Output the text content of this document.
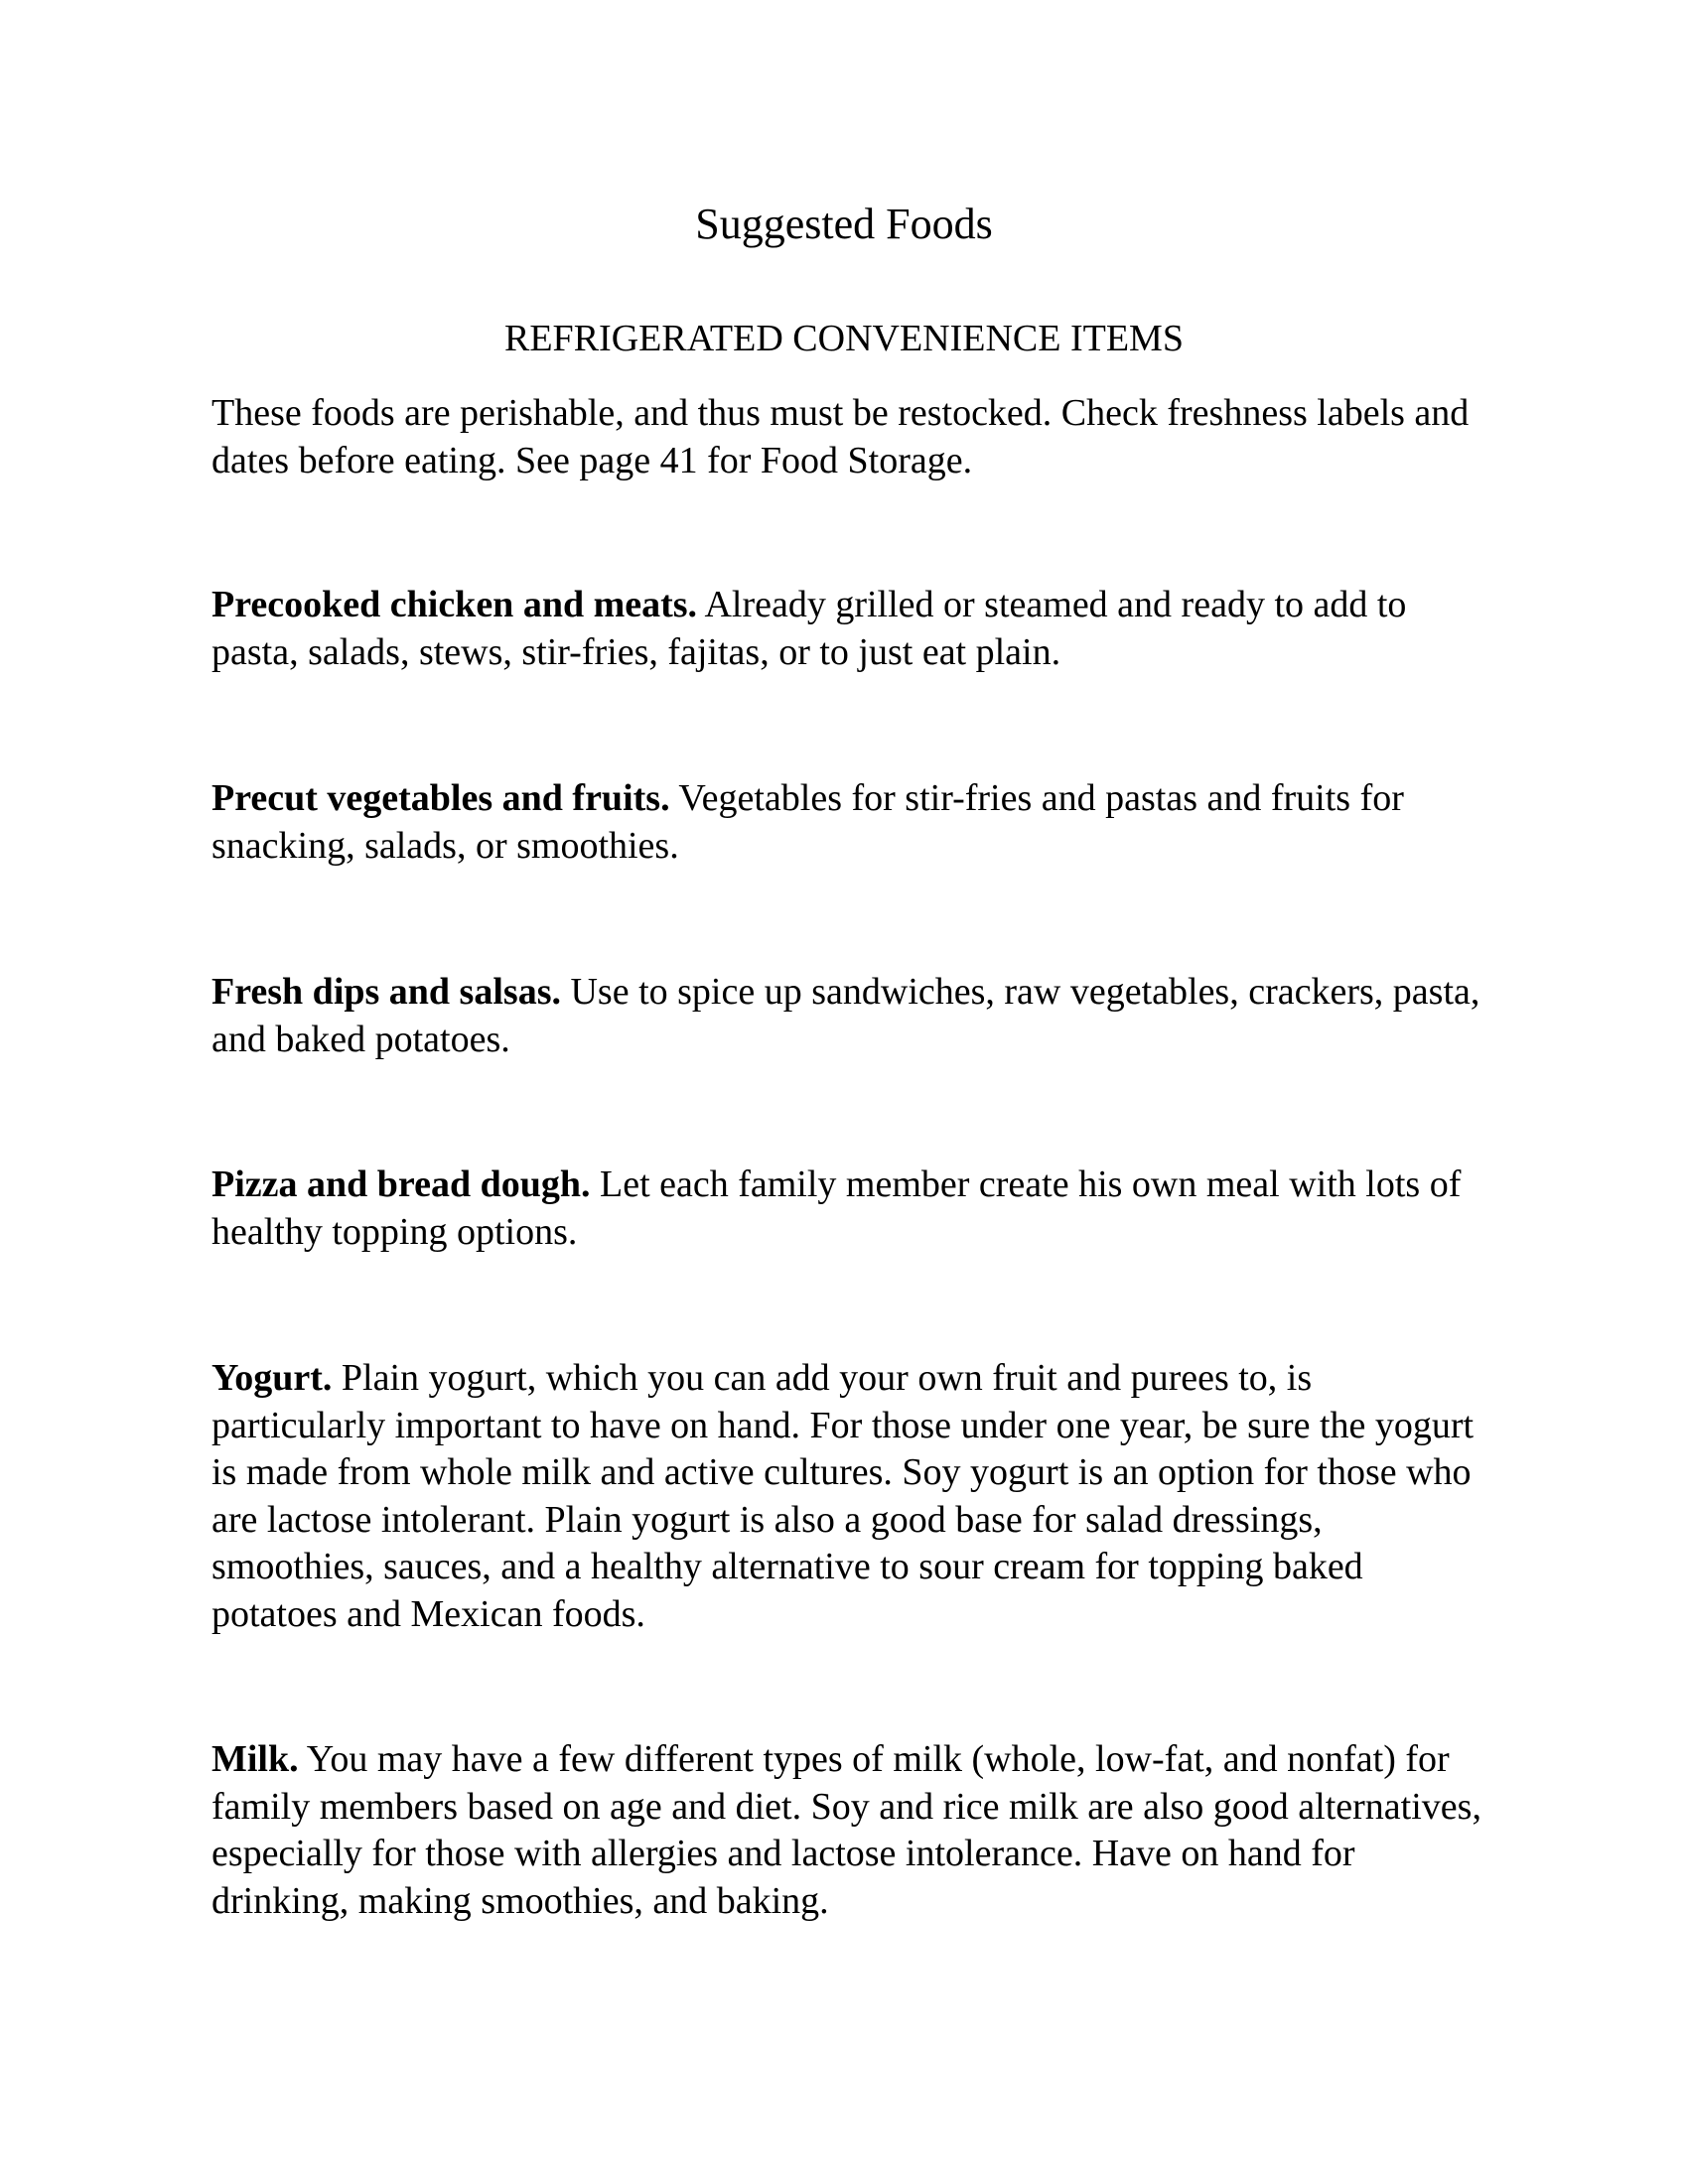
Suggested Foods
REFRIGERATED CONVENIENCE ITEMS

These foods are perishable, and thus must be restocked. Check freshness labels and dates before eating. See page 41 for Food Storage.

Precooked chicken and meats. Already grilled or steamed and ready to add to pasta, salads, stews, stir-fries, fajitas, or to just eat plain.

Precut vegetables and fruits. Vegetables for stir-fries and pastas and fruits for snacking, salads, or smoothies.

Fresh dips and salsas. Use to spice up sandwiches, raw vegetables, crackers, pasta, and baked potatoes.

Pizza and bread dough. Let each family member create his own meal with lots of healthy topping options.

Yogurt. Plain yogurt, which you can add your own fruit and purees to, is particularly important to have on hand. For those under one year, be sure the yogurt is made from whole milk and active cultures. Soy yogurt is an option for those who are lactose intolerant. Plain yogurt is also a good base for salad dressings, smoothies, sauces, and a healthy alternative to sour cream for topping baked potatoes and Mexican foods.

Milk. You may have a few different types of milk (whole, low-fat, and nonfat) for family members based on age and diet. Soy and rice milk are also good alternatives, especially for those with allergies and lactose intolerance. Have on hand for drinking, making smoothies, and baking.
